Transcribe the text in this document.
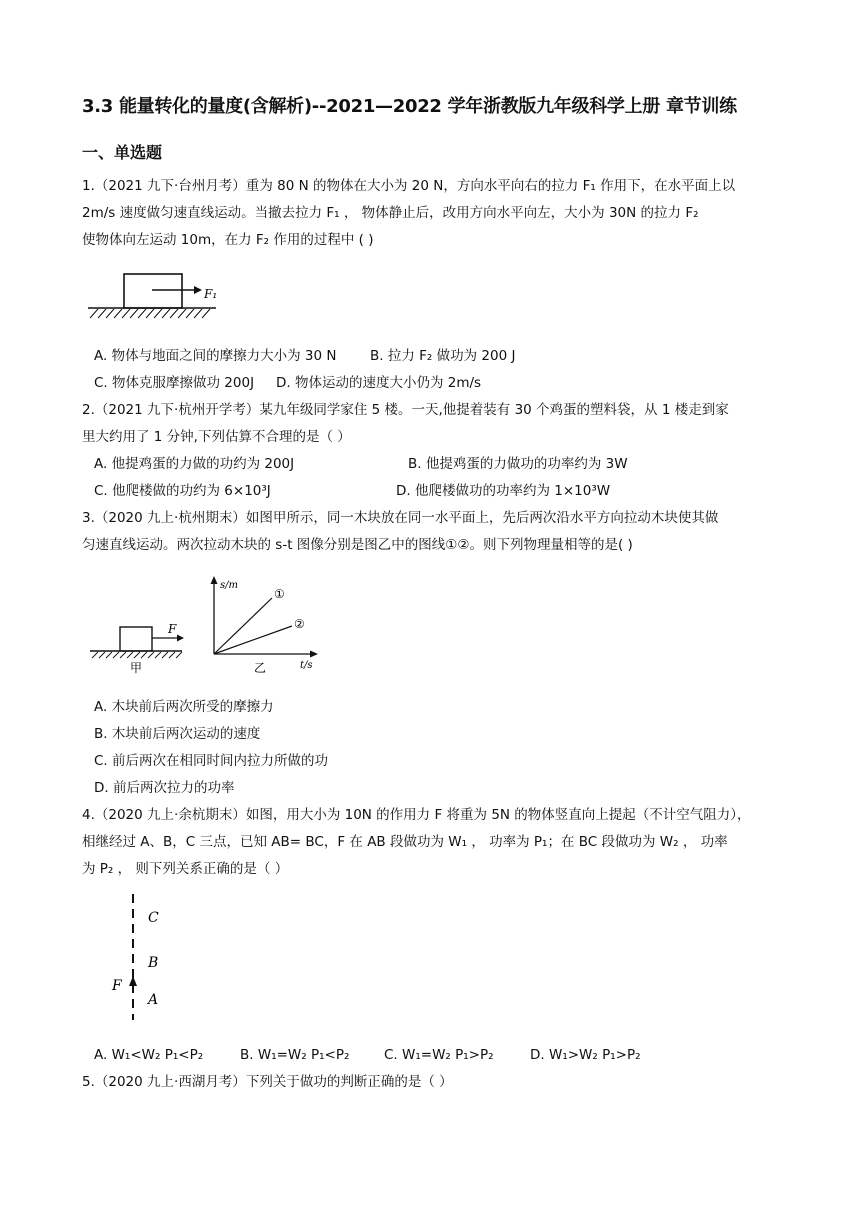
3.3 能量转化的量度(含解析)--2021—2022 学年浙教版九年级科学上册 章节训练
一、单选题
1.（2021 九下·台州月考）重为 80 N 的物体在大小为 20 N，方向水平向右的拉力 F₁ 作用下，在水平面上以
2m/s 速度做匀速直线运动。当撤去拉力 F₁ ， 物体静止后，改用方向水平向左，大小为 30N 的拉力 F₂
使物体向左运动 10m，在力 F₂ 作用的过程中 ( )
F₁
A. 物体与地面之间的摩擦力大小为 30 N B. 拉力 F₂ 做功为 200 J
C. 物体克服摩擦做功 200J D. 物体运动的速度大小仍为 2m/s
2.（2021 九下·杭州开学考）某九年级同学家住 5 楼。一天,他提着装有 30 个鸡蛋的塑料袋，从 1 楼走到家
里大约用了 1 分钟,下列估算不合理的是（ ）
A. 他提鸡蛋的力做的功约为 200J	B. 他提鸡蛋的力做功的功率约为 3W
C. 他爬楼做的功约为 6×10³J	D. 他爬楼做功的功率约为 1×10³W
3.（2020 九上·杭州期末）如图甲所示，同一木块放在同一水平面上，先后两次沿水平方向拉动木块使其做
匀速直线运动。两次拉动木块的 s-t 图像分别是图乙中的图线①②。则下列物理量相等的是( )
F
甲
s/m
t/s
①
②
乙
A. 木块前后两次所受的摩擦力
B. 木块前后两次运动的速度
C. 前后两次在相同时间内拉力所做的功
D. 前后两次拉力的功率
4.（2020 九上·余杭期末）如图，用大小为 10N 的作用力 F 将重为 5N 的物体竖直向上提起（不计空气阻力），
相继经过 A、B，C 三点，已知 AB= BC，F 在 AB 段做功为 W₁ ， 功率为 P₁；在 BC 段做功为 W₂ ， 功率
为 P₂ ， 则下列关系正确的是（ ）
C
B
A
F
A. W₁<W₂ P₁<P₂	B. W₁=W₂ P₁<P₂	C. W₁=W₂ P₁>P₂	D. W₁>W₂ P₁>P₂
5.（2020 九上·西湖月考）下列关于做功的判断正确的是（ ）
